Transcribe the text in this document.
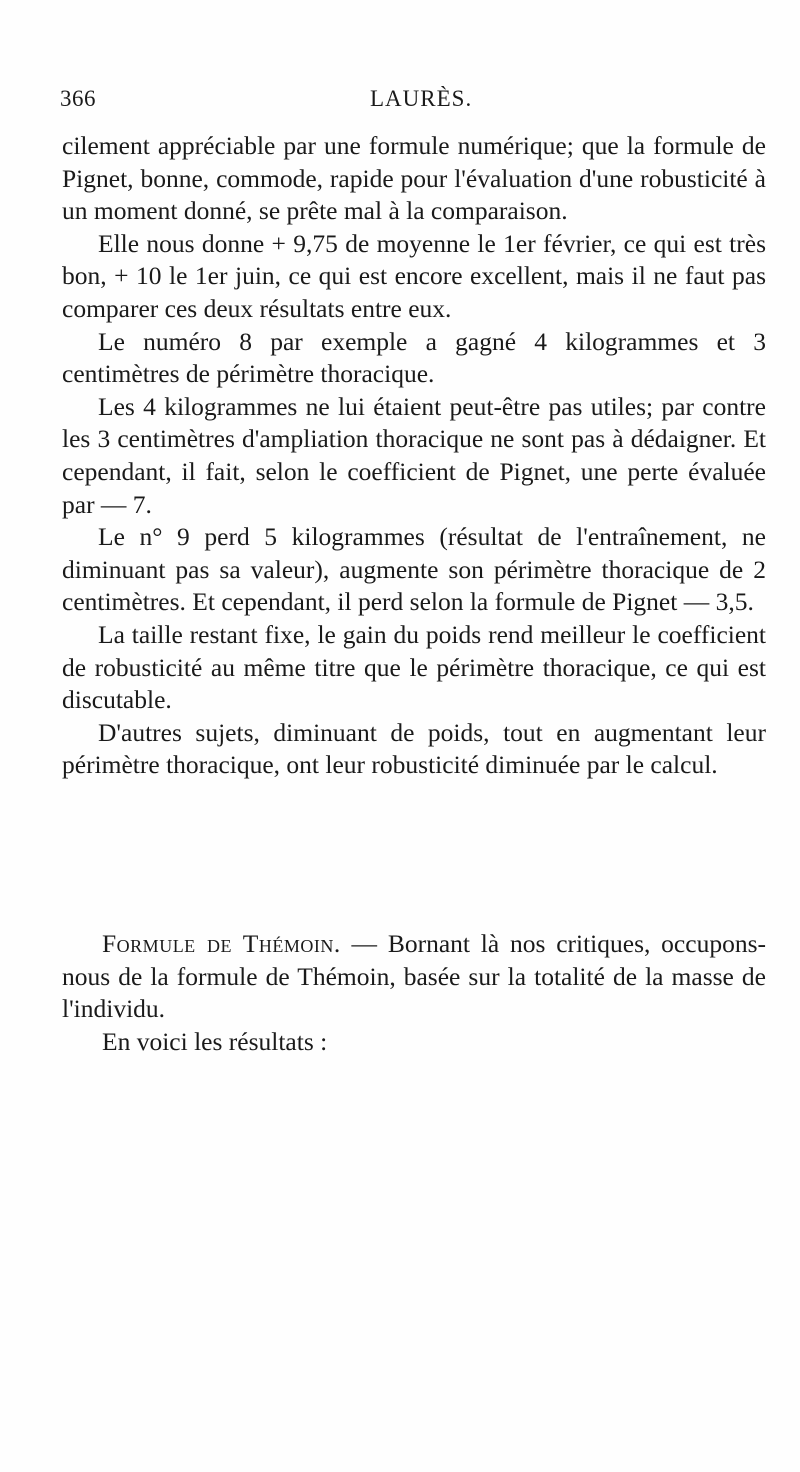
366	LAURÈS.

cilement appréciable par une formule numérique; que la formule de Pignet, bonne, commode, rapide pour l'évaluation d'une robusticité à un moment donné, se prête mal à la comparaison.

Elle nous donne + 9,75 de moyenne le 1er février, ce qui est très bon, + 10 le 1er juin, ce qui est encore excellent, mais il ne faut pas comparer ces deux résultats entre eux.

Le numéro 8 par exemple a gagné 4 kilogrammes et 3 centimètres de périmètre thoracique.

Les 4 kilogrammes ne lui étaient peut-être pas utiles; par contre les 3 centimètres d'ampliation thoracique ne sont pas à dédaigner. Et cependant, il fait, selon le coefficient de Pignet, une perte évaluée par — 7.

Le n° 9 perd 5 kilogrammes (résultat de l'entraînement, ne diminuant pas sa valeur), augmente son périmètre thoracique de 2 centimètres. Et cependant, il perd selon la formule de Pignet — 3,5.

La taille restant fixe, le gain du poids rend meilleur le coefficient de robusticité au même titre que le périmètre thoracique, ce qui est discutable.

D'autres sujets, diminuant de poids, tout en augmentant leur périmètre thoracique, ont leur robusticité diminuée par le calcul.

Formule de Thémoin. — Bornant là nos critiques, occupons-nous de la formule de Thémoin, basée sur la totalité de la masse de l'individu.

En voici les résultats :
